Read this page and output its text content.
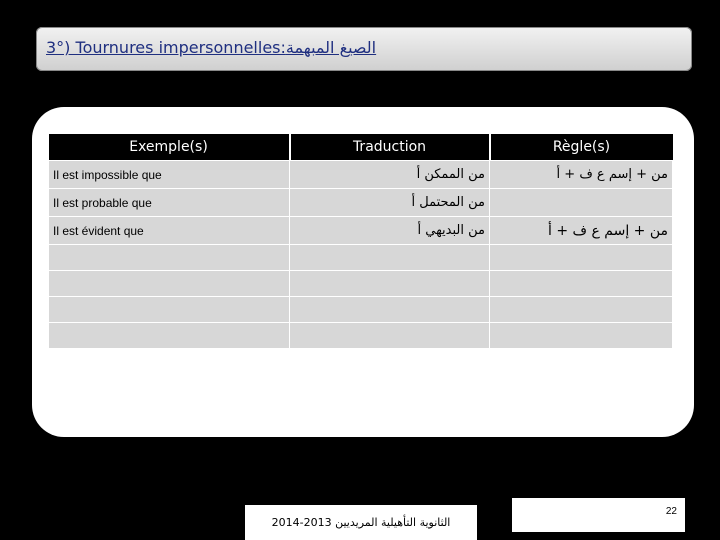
3°) Tournures impersonnelles:الصيغ المبهمة
Exemple(s)	Traduction	Règle(s)
Il est impossible que	من الممكن أ	من + إسم ع ف + أ
Il est probable que	من المحتمل أ	
Il est évident que	من البديهي أ	من + إسم ع ف + أ

الثانوية التأهيلية المريديين 2013-2014
22
